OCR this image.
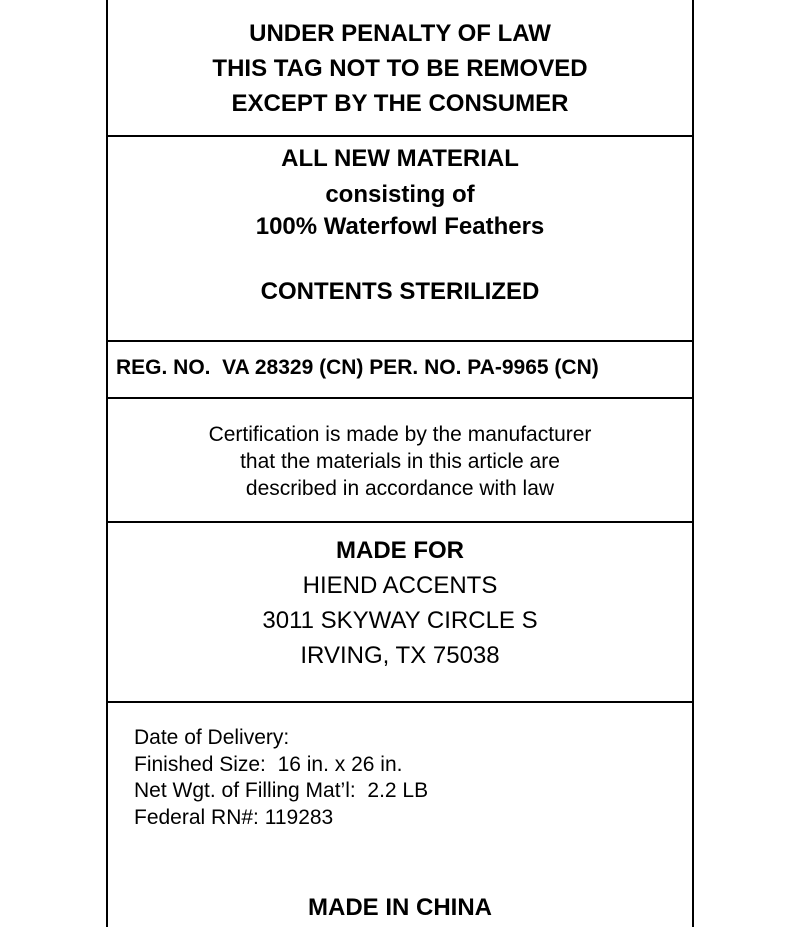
UNDER PENALTY OF LAW
THIS TAG NOT TO BE REMOVED
EXCEPT BY THE CONSUMER
ALL NEW MATERIAL
consisting of
100% Waterfowl Feathers
CONTENTS STERILIZED
REG. NO.  VA 28329 (CN) PER. NO. PA-9965 (CN)
Certification is made by the manufacturer
that the materials in this article are
described in accordance with law
MADE FOR
HIEND ACCENTS
3011 SKYWAY CIRCLE S
IRVING, TX 75038
Date of Delivery:
Finished Size:  16 in. x 26 in.
Net Wgt. of Filling Mat’l:  2.2 LB
Federal RN#: 119283
MADE IN CHINA
